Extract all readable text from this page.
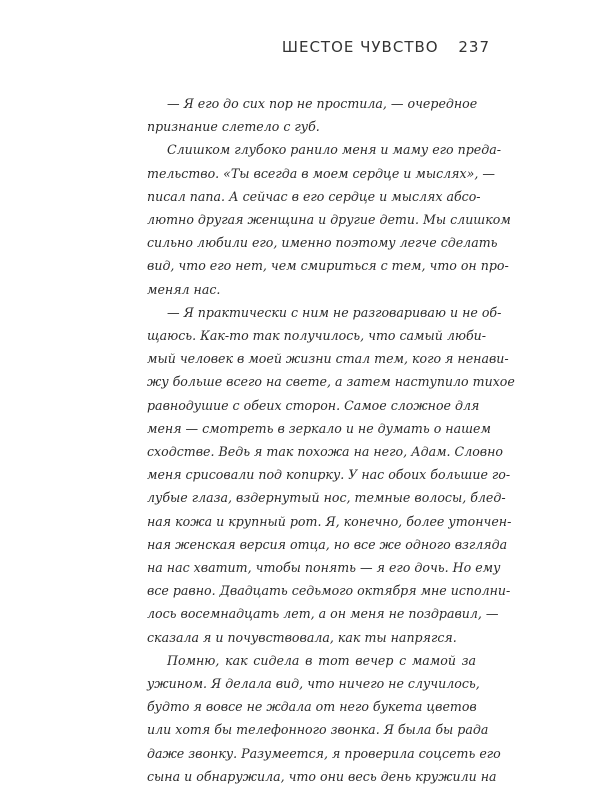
ШЕСТОЕ ЧУВСТВО 237

— Я его до сих пор не простила, — очередное
признание слетело с губ.

Слишком глубоко ранило меня и маму его преда-
тельство. «Ты всегда в моем сердце и мыслях», —
писал папа. А сейчас в его сердце и мыслях абсо-
лютно другая женщина и другие дети. Мы слишком
сильно любили его, именно поэтому легче сделать
вид, что его нет, чем смириться с тем, что он про-
менял нас.

— Я практически с ним не разговариваю и не об-
щаюсь. Как-то так получилось, что самый люби-
мый человек в моей жизни стал тем, кого я ненави-
жу больше всего на свете, а затем наступило тихое
равнодушие с обеих сторон. Самое сложное для
меня — смотреть в зеркало и не думать о нашем
сходстве. Ведь я так похожа на него, Адам. Словно
меня срисовали под копирку. У нас обоих большие го-
лубые глаза, вздернутый нос, темные волосы, блед-
ная кожа и крупный рот. Я, конечно, более утончен-
ная женская версия отца, но все же одного взгляда
на нас хватит, чтобы понять — я его дочь. Но ему
все равно. Двадцать седьмого октября мне исполни-
лось восемнадцать лет, а он меня не поздравил, —
сказала я и почувствовала, как ты напрягся.

Помню, как сидела в тот вечер с мамой за
ужином. Я делала вид, что ничего не случилось,
будто я вовсе не ждала от него букета цветов
или хотя бы телефонного звонка. Я была бы рада
даже звонку. Разумеется, я проверила соцсеть его
сына и обнаружила, что они весь день кружили на
